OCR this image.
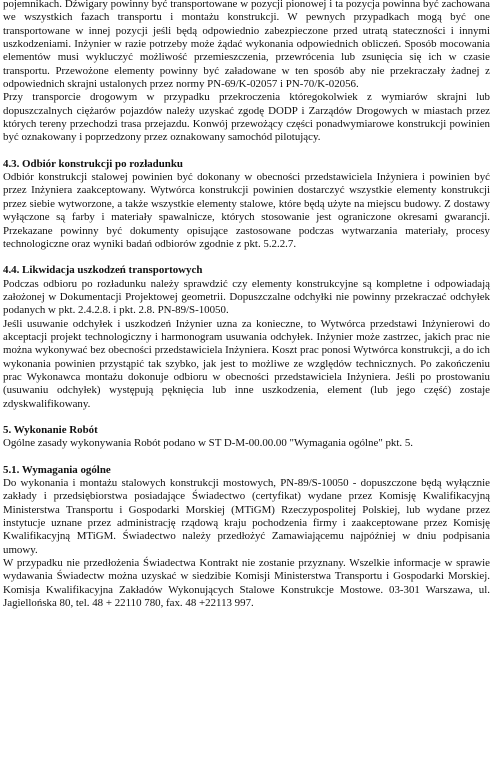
pojemnikach. Dźwigary powinny być transportowane w pozycji pionowej i ta pozycja powinna być zachowana we wszystkich fazach transportu i montażu konstrukcji. W pewnych przypadkach mogą być one transportowane w innej pozycji jeśli będą odpowiednio zabezpieczone przed utratą stateczności i innymi uszkodzeniami. Inżynier w razie potrzeby może żądać wykonania odpowiednich obliczeń. Sposób mocowania elementów musi wykluczyć możliwość przemieszczenia, przewrócenia lub zsunięcia się ich w czasie transportu. Przewożone elementy powinny być załadowane w ten sposób aby nie przekraczały żadnej z odpowiednich skrajni ustalonych przez normy PN-69/K-02057 i PN-70/K-02056.

Przy transporcie drogowym w przypadku przekroczenia któregokolwiek z wymiarów skrajni lub dopuszczalnych ciężarów pojazdów należy uzyskać zgodę DODP i Zarządów Drogowych w miastach przez których tereny przechodzi trasa przejazdu. Konwój przewożący części ponadwymiarowe konstrukcji powinien być oznakowany i poprzedzony przez oznakowany samochód pilotujący.

4.3. Odbiór konstrukcji po rozładunku

Odbiór konstrukcji stalowej powinien być dokonany w obecności przedstawiciela Inżyniera i powinien być przez Inżyniera zaakceptowany. Wytwórca konstrukcji powinien dostarczyć wszystkie elementy konstrukcji przez siebie wytworzone, a także wszystkie elementy stalowe, które będą użyte na miejscu budowy. Z dostawy wyłączone są farby i materiały spawalnicze, których stosowanie jest ograniczone okresami gwarancji. Przekazane powinny być dokumenty opisujące zastosowane podczas wytwarzania materiały, procesy technologiczne oraz wyniki badań odbiorów zgodnie z pkt. 5.2.2.7.

4.4. Likwidacja uszkodzeń transportowych

Podczas odbioru po rozładunku należy sprawdzić czy elementy konstrukcyjne są kompletne i odpowiadają założonej w Dokumentacji Projektowej geometrii. Dopuszczalne odchyłki nie powinny przekraczać odchyłek podanych w pkt. 2.4.2.8. i pkt. 2.8. PN-89/S-10050.

Jeśli usuwanie odchyłek i uszkodzeń Inżynier uzna za konieczne, to Wytwórca przedstawi Inżynierowi do akceptacji projekt technologiczny i harmonogram usuwania odchyłek. Inżynier może zastrzec, jakich prac nie można wykonywać bez obecności przedstawiciela Inżyniera. Koszt prac ponosi Wytwórca konstrukcji, a do ich wykonania powinien przystąpić tak szybko, jak jest to możliwe ze względów technicznych. Po zakończeniu prac Wykonawca montażu dokonuje odbioru w obecności przedstawiciela Inżyniera. Jeśli po prostowaniu (usuwaniu odchyłek) występują pęknięcia lub inne uszkodzenia, element (lub jego część) zostaje zdyskwalifikowany.

5. Wykonanie Robót

Ogólne zasady wykonywania Robót podano w ST D-M-00.00.00 "Wymagania ogólne" pkt. 5.

5.1. Wymagania ogólne

Do wykonania i montażu stalowych konstrukcji mostowych, PN-89/S-10050 - dopuszczone będą wyłącznie zakłady i przedsiębiorstwa posiadające Świadectwo (certyfikat) wydane przez Komisję Kwalifikacyjną Ministerstwa Transportu i Gospodarki Morskiej (MTiGM) Rzeczypospolitej Polskiej, lub wydane przez instytucje uznane przez administrację rządową kraju pochodzenia firmy i zaakceptowane przez Komisję Kwalifikacyjną MTiGM. Świadectwo należy przedłożyć Zamawiającemu najpóźniej w dniu podpisania umowy.

W przypadku nie przedłożenia Świadectwa Kontrakt nie zostanie przyznany. Wszelkie informacje w sprawie wydawania Świadectw można uzyskać w siedzibie Komisji Ministerstwa Transportu i Gospodarki Morskiej. Komisja Kwalifikacyjna Zakładów Wykonujących Stalowe Konstrukcje Mostowe. 03-301 Warszawa, ul. Jagiellońska 80, tel. 48 + 22110 780, fax. 48 +22113 997.
